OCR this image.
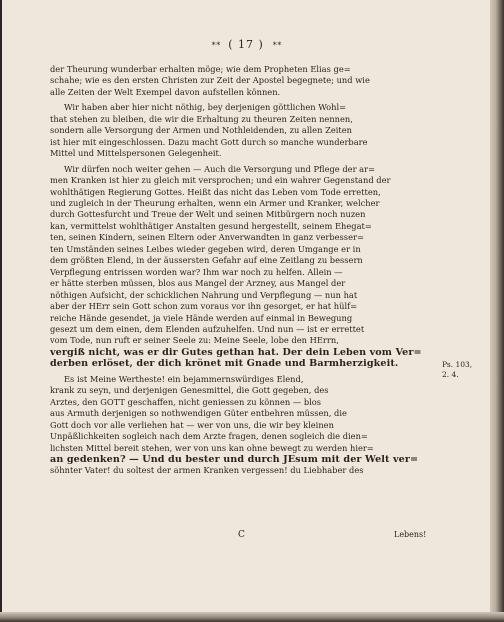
* * ( 17 ) * *
der Theurung wunderbar erhalten möge; wie dem Propheten Elias ge=
schahe; wie es den ersten Christen zur Zeit der Apostel begegnete; und wie
alle Zeiten der Welt Exempel davon aufstellen können.
Wir haben aber hier nicht nöthig, bey derjenigen göttlichen Wohl=
that stehen zu bleiben, die wir die Erhaltung zu theuren Zeiten nennen,
sondern alle Versorgung der Armen und Nothleidenden, zu allen Zeiten
ist hier mit eingeschlossen. Dazu macht Gott durch so manche wunderbare
Mittel und Mittelspersonen Gelegenheit.
Wir dürfen noch weiter gehen — Auch die Versorgung und Pflege der ar=
men Kranken ist hier zu gleich mit versprochen; und ein wahrer Gegenstand der
wohlthätigen Regierung Gottes. Heißt das nicht das Leben vom Tode erretten,
und zugleich in der Theurung erhalten, wenn ein Armer und Kranker, welcher
durch Gottesfurcht und Treue der Welt und seinen Mitbürgern noch nuzen
kan, vermittelst wohlthätiger Anstalten gesund hergestellt, seinem Ehegat=
ten, seinen Kindern, seinen Eltern oder Anverwandten in ganz verbesser=
ten Umständen seines Leibes wieder gegeben wird, deren Umgange er in
dem größten Elend, in der äussersten Gefahr auf eine Zeitlang zu bessern
Verpflegung entrissen worden war? Ihm war noch zu helfen. Allein —
er hätte sterben müssen, blos aus Mangel der Arzney, aus Mangel der
nöthigen Aufsicht, der schicklichen Nahrung und Verpflegung — nun hat
aber der HErr sein Gott schon zum voraus vor ihn gesorget, er hat hülf=
reiche Hände gesendet, ja viele Hände werden auf einmal in Bewegung
gesezt um dem einen, dem Elenden aufzuhelfen. Und nun — ist er errettet
vom Tode, nun ruft er seiner Seele zu: Meine Seele, lobe den HErrn,
vergiß nicht, was er dir Gutes gethan hat. Der dein Leben vom Ver=
derben erlöset, der dich krönet mit Gnade und Barmherzigkeit.
Es ist Meine Wertheste! ein bejammernswürdiges Elend,
krank zu seyn, und derjenigen Genesmittel, die Gott gegeben, des
Arztes, den GOTT geschaffen, nicht geniessen zu können — blos
aus Armuth derjenigen so nothwendigen Güter entbehren müssen, die
Gott doch vor alle verliehen hat — wer von uns, die wir bey kleinen
Unpäßlichkeiten sogleich nach dem Arzte fragen, denen sogleich die dien=
lichsten Mittel bereit stehen, wer von uns kan ohne bewegt zu werden hier=
an gedenken? — Und du bester und durch JEsum mit der Welt ver=
söhnter Vater! du soltest der armen Kranken vergessen! du Liebhaber des
Ps. 103,
2. 4.
C	Lebens!
